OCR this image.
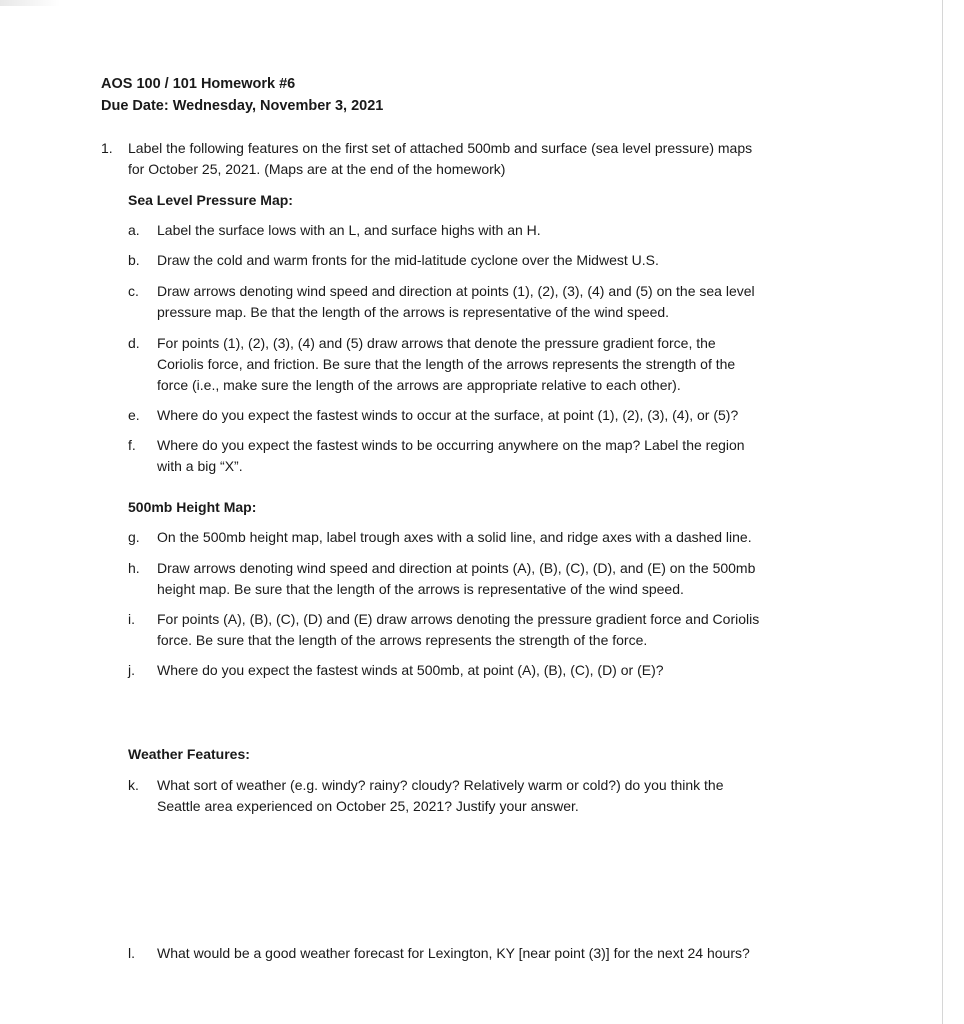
AOS 100 / 101 Homework #6
Due Date: Wednesday, November 3, 2021
1. Label the following features on the first set of attached 500mb and surface (sea level pressure) maps
for October 25, 2021. (Maps are at the end of the homework)
Sea Level Pressure Map:
a. Label the surface lows with an L, and surface highs with an H.
b. Draw the cold and warm fronts for the mid-latitude cyclone over the Midwest U.S.
c. Draw arrows denoting wind speed and direction at points (1), (2), (3), (4) and (5) on the sea level
pressure map. Be that the length of the arrows is representative of the wind speed.
d. For points (1), (2), (3), (4) and (5) draw arrows that denote the pressure gradient force, the
Coriolis force, and friction. Be sure that the length of the arrows represents the strength of the
force (i.e., make sure the length of the arrows are appropriate relative to each other).
e. Where do you expect the fastest winds to occur at the surface, at point (1), (2), (3), (4), or (5)?
f. Where do you expect the fastest winds to be occurring anywhere on the map? Label the region
with a big “X”.
500mb Height Map:
g. On the 500mb height map, label trough axes with a solid line, and ridge axes with a dashed line.
h. Draw arrows denoting wind speed and direction at points (A), (B), (C), (D), and (E) on the 500mb
height map. Be sure that the length of the arrows is representative of the wind speed.
i. For points (A), (B), (C), (D) and (E) draw arrows denoting the pressure gradient force and Coriolis
force. Be sure that the length of the arrows represents the strength of the force.
j. Where do you expect the fastest winds at 500mb, at point (A), (B), (C), (D) or (E)?
Weather Features:
k. What sort of weather (e.g. windy? rainy? cloudy? Relatively warm or cold?) do you think the
Seattle area experienced on October 25, 2021? Justify your answer.
l. What would be a good weather forecast for Lexington, KY [near point (3)] for the next 24 hours?
